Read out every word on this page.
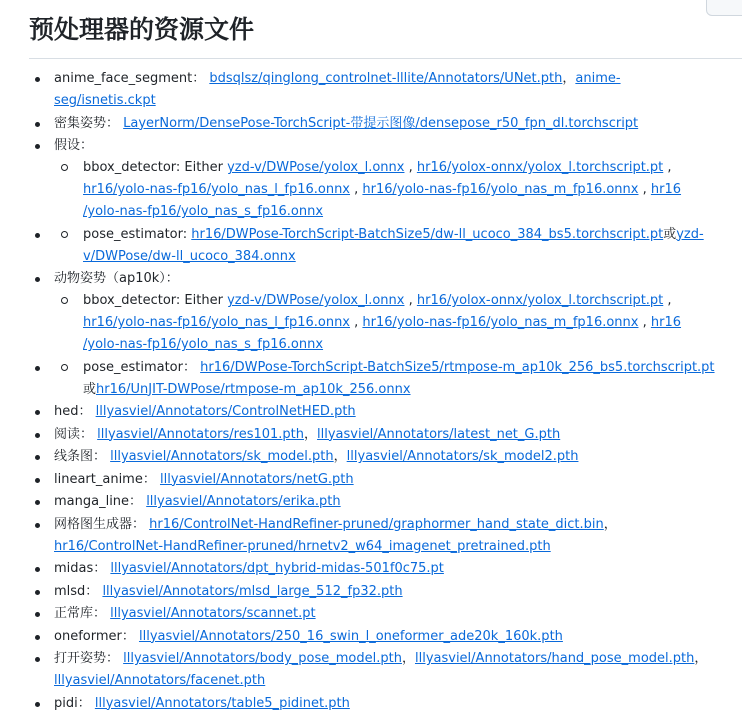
预处理器的资源文件
anime_face_segment： bdsqlsz/qinglong_controlnet-lllite/Annotators/UNet.pth，anime-seg/isnetis.ckpt
密集姿势： LayerNorm/DensePose-TorchScript-带提示图像/densepose_r50_fpn_dl.torchscript
假设：
bbox_detector: Either yzd-v/DWPose/yolox_l.onnx , hr16/yolox-onnx/yolox_l.torchscript.pt , hr16/yolo-nas-fp16/yolo_nas_l_fp16.onnx , hr16/yolo-nas-fp16/yolo_nas_m_fp16.onnx , hr16 /yolo-nas-fp16/yolo_nas_s_fp16.onnx
pose_estimator: hr16/DWPose-TorchScript-BatchSize5/dw-ll_ucoco_384_bs5.torchscript.pt或yzd-v/DWPose/dw-ll_ucoco_384.onnx
动物姿势（ap10k）：
bbox_detector: Either yzd-v/DWPose/yolox_l.onnx , hr16/yolox-onnx/yolox_l.torchscript.pt , hr16/yolo-nas-fp16/yolo_nas_l_fp16.onnx , hr16/yolo-nas-fp16/yolo_nas_m_fp16.onnx , hr16 /yolo-nas-fp16/yolo_nas_s_fp16.onnx
pose_estimator： hr16/DWPose-TorchScript-BatchSize5/rtmpose-m_ap10k_256_bs5.torchscript.pt或hr16/UnJIT-DWPose/rtmpose-m_ap10k_256.onnx
hed： lllyasviel/Annotators/ControlNetHED.pth
阅读： lllyasviel/Annotators/res101.pth，lllyasviel/Annotators/latest_net_G.pth
线条图： lllyasviel/Annotators/sk_model.pth，lllyasviel/Annotators/sk_model2.pth
lineart_anime： lllyasviel/Annotators/netG.pth
manga_line： lllyasviel/Annotators/erika.pth
网格图生成器： hr16/ControlNet-HandRefiner-pruned/graphormer_hand_state_dict.bin，hr16/ControlNet-HandRefiner-pruned/hrnetv2_w64_imagenet_pretrained.pth
midas： lllyasviel/Annotators/dpt_hybrid-midas-501f0c75.pt
mlsd： lllyasviel/Annotators/mlsd_large_512_fp32.pth
正常库： lllyasviel/Annotators/scannet.pt
oneformer： lllyasviel/Annotators/250_16_swin_l_oneformer_ade20k_160k.pth
打开姿势： lllyasviel/Annotators/body_pose_model.pth，lllyasviel/Annotators/hand_pose_model.pth，lllyasviel/Annotators/facenet.pth
pidi： lllyasviel/Annotators/table5_pidinet.pth
